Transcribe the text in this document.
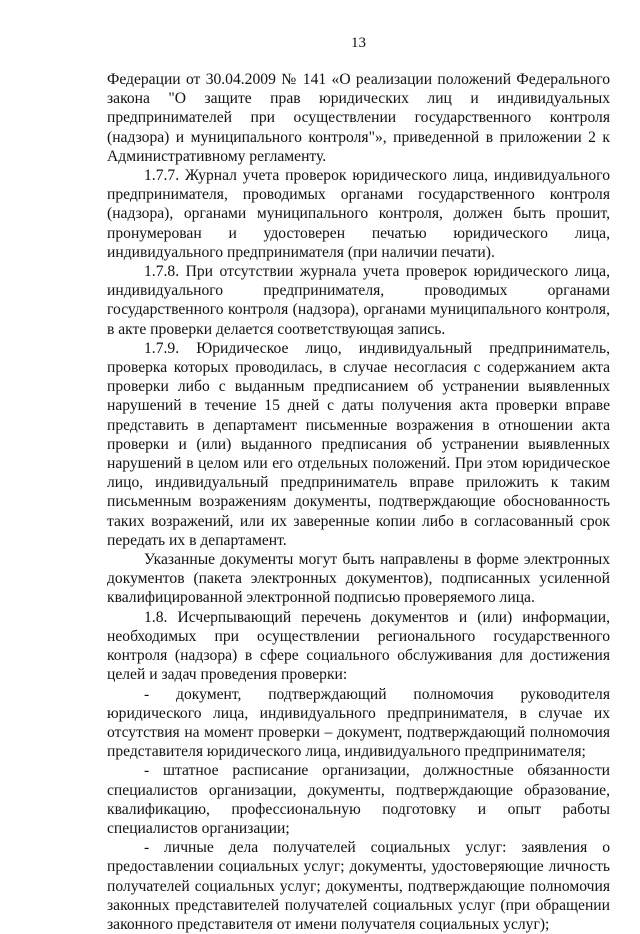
13

Федерации от 30.04.2009 № 141 «О реализации положений Федерального закона "О защите прав юридических лиц и индивидуальных предпринимателей при осуществлении государственного контроля (надзора) и муниципального контроля"», приведенной в приложении 2 к Административному регламенту.

1.7.7. Журнал учета проверок юридического лица, индивидуального предпринимателя, проводимых органами государственного контроля (надзора), органами муниципального контроля, должен быть прошит, пронумерован и удостоверен печатью юридического лица, индивидуального предпринимателя (при наличии печати).

1.7.8. При отсутствии журнала учета проверок юридического лица, индивидуального предпринимателя, проводимых органами государственного контроля (надзора), органами муниципального контроля, в акте проверки делается соответствующая запись.

1.7.9. Юридическое лицо, индивидуальный предприниматель, проверка которых проводилась, в случае несогласия с содержанием акта проверки либо с выданным предписанием об устранении выявленных нарушений в течение 15 дней с даты получения акта проверки вправе представить в департамент письменные возражения в отношении акта проверки и (или) выданного предписания об устранении выявленных нарушений в целом или его отдельных положений. При этом юридическое лицо, индивидуальный предприниматель вправе приложить к таким письменным возражениям документы, подтверждающие обоснованность таких возражений, или их заверенные копии либо в согласованный срок передать их в департамент.

Указанные документы могут быть направлены в форме электронных документов (пакета электронных документов), подписанных усиленной квалифицированной электронной подписью проверяемого лица.

1.8. Исчерпывающий перечень документов и (или) информации, необходимых при осуществлении регионального государственного контроля (надзора) в сфере социального обслуживания для достижения целей и задач проведения проверки:

- документ, подтверждающий полномочия руководителя юридического лица, индивидуального предпринимателя, в случае их отсутствия на момент проверки – документ, подтверждающий полномочия представителя юридического лица, индивидуального предпринимателя;

- штатное расписание организации, должностные обязанности специалистов организации, документы, подтверждающие образование, квалификацию, профессиональную подготовку и опыт работы специалистов организации;

- личные дела получателей социальных услуг: заявления о предоставлении социальных услуг; документы, удостоверяющие личность получателей социальных услуг; документы, подтверждающие полномочия законных представителей получателей социальных услуг (при обращении законного представителя от имени получателя социальных услуг);
